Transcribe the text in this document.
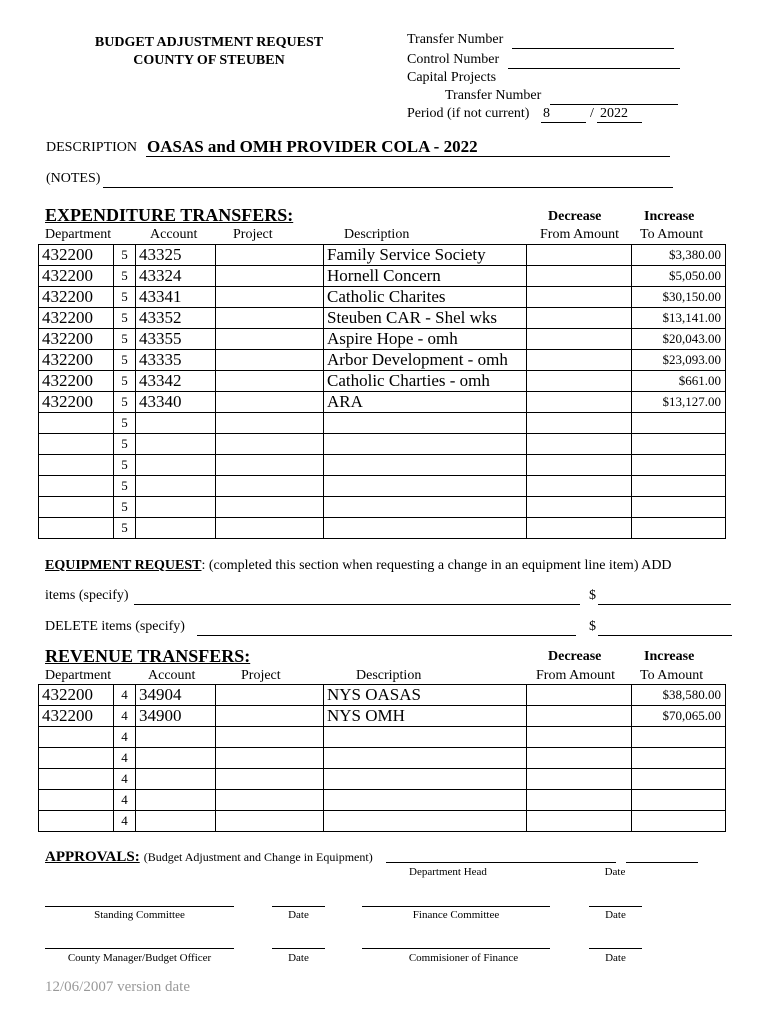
BUDGET ADJUSTMENT REQUEST
COUNTY OF STEUBEN
Transfer Number
Control Number
Capital Projects
Transfer Number
Period (if not current) 8	/ 2022
DESCRIPTION OASAS and OMH PROVIDER COLA - 2022
(NOTES)
EXPENDITURE TRANSFERS:
Department	Account	Project	Description
Decrease
From Amount
Increase
To Amount
432200	5	43325		Family Service Society		$3,380.00
432200	5	43324		Hornell Concern		$5,050.00
432200	5	43341		Catholic Charites		$30,150.00
432200	5	43352		Steuben CAR - Shel wks		$13,141.00
432200	5	43355		Aspire Hope - omh		$20,043.00
432200	5	43335		Arbor Development - omh		$23,093.00
432200	5	43342		Catholic Charties - omh		$661.00
432200	5	43340		ARA		$13,127.00
	5					
	5					
	5					
	5					
	5					
	5					
EQUIPMENT REQUEST: (completed this section when requesting a change in an equipment line item) ADD
items (specify)	$
DELETE items (specify)	$
REVENUE TRANSFERS:
Department	Account	Project	Description
Decrease
From Amount
Increase
To Amount
432200	4	34904		NYS OASAS		$38,580.00
432200	4	34900		NYS OMH		$70,065.00
	4					
	4					
	4					
	4					
	4					
APPROVALS: (Budget Adjustment and Change in Equipment)
Department Head	Date
Standing Committee	Date	Finance Committee	Date
County Manager/Budget Officer	Date	Commisioner of Finance	Date
12/06/2007 version date
